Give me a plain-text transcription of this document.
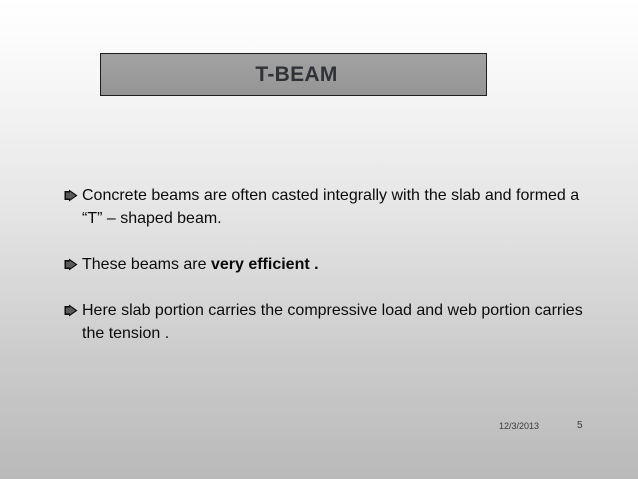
T-BEAM
Concrete beams are often casted integrally with the slab and formed a “T” – shaped beam.
These beams are very efficient .
Here slab portion carries the compressive load and web portion carries the tension .
12/3/2013	5
